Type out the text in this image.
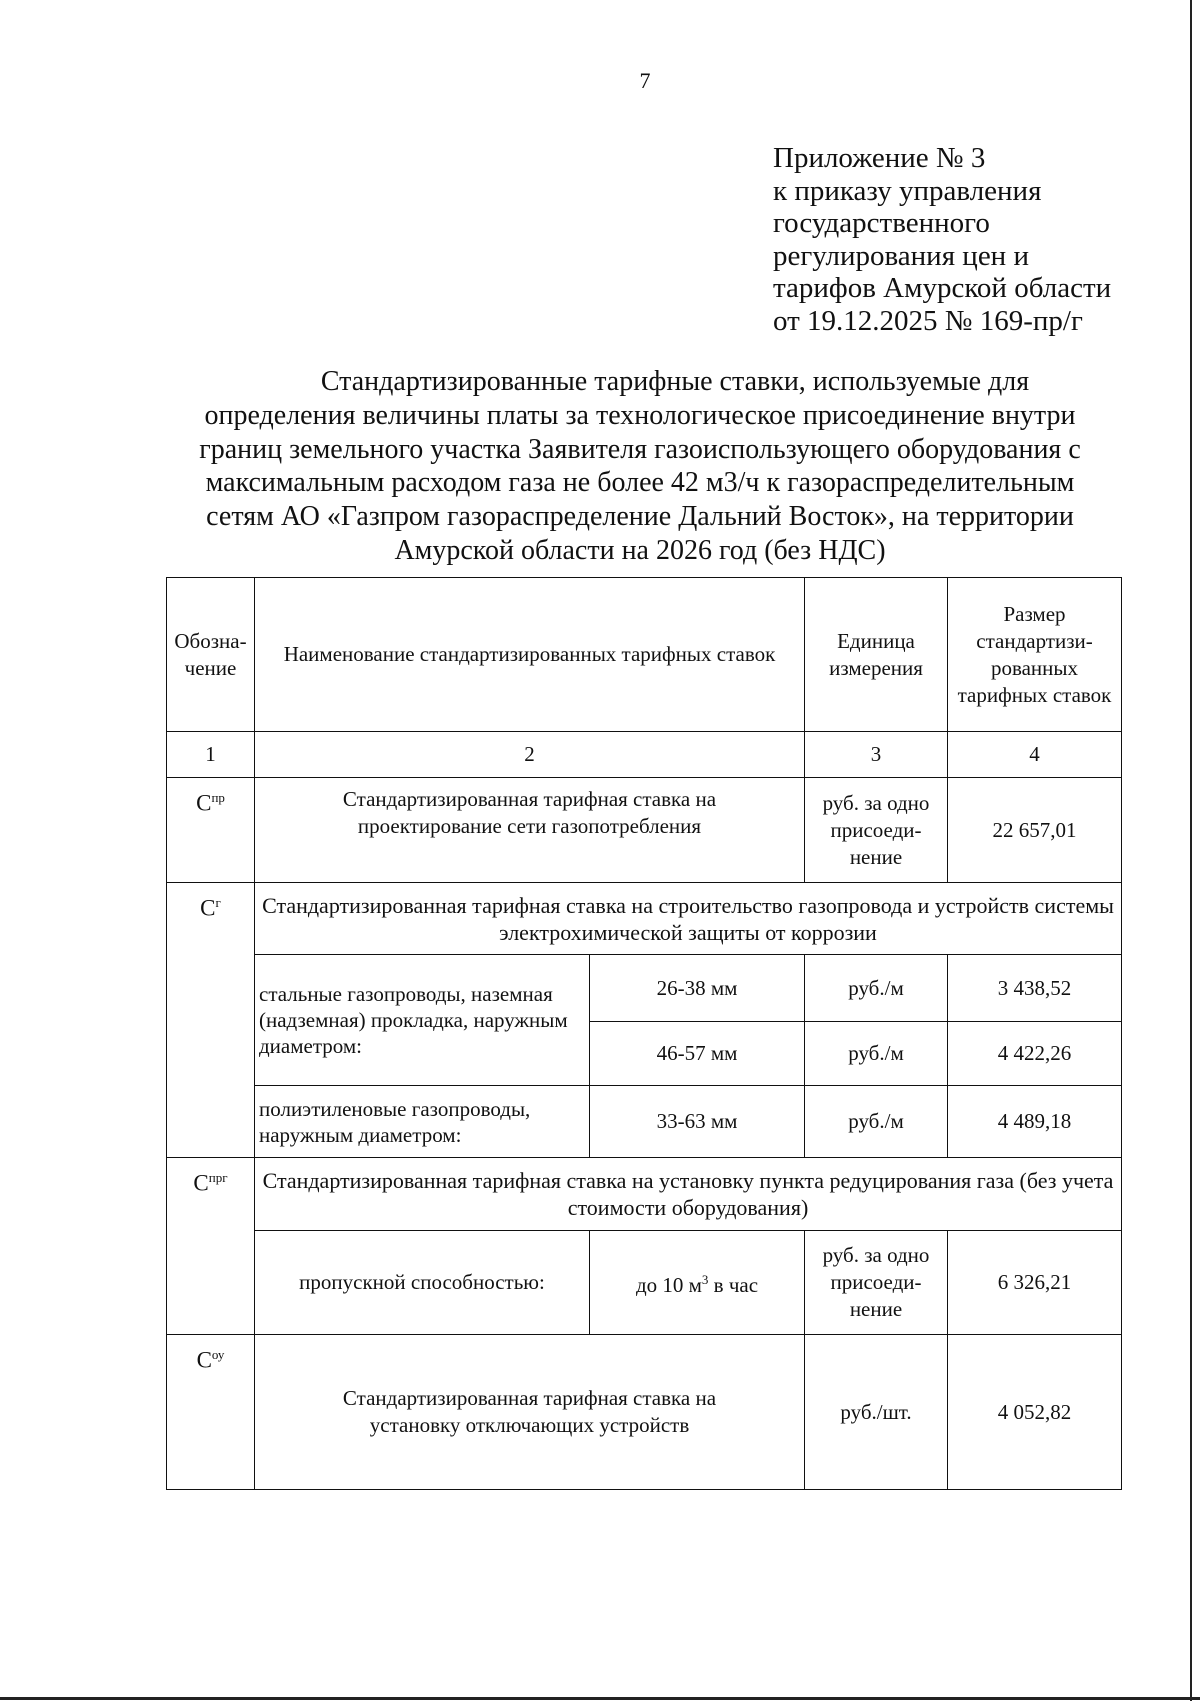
7
Приложение № 3
к приказу управления
государственного
регулирования цен и
тарифов Амурской области
от 19.12.2025 № 169-пр/г
Стандартизированные тарифные ставки, используемые для
определения величины платы за технологическое присоединение внутри
границ земельного участка Заявителя газоиспользующего оборудования с
максимальным расходом газа не более 42 м3/ч к газораспределительным
сетям АО «Газпром газораспределение Дальний Восток», на территории
Амурской области на 2026 год (без НДС)
Обозна-чение	Наименование стандартизированных тарифных ставок		Единица измерения	Размер стандартизи-рованных тарифных ставок
1	2		3	4
$С^{пр}$	Стандартизированная тарифная ставка на проектирование сети газопотребления		руб. за одно присоеди-нение	22 657,01
$С^г$	Стандартизированная тарифная ставка на строительство газопровода и устройств системы электрохимической защиты от коррозии			
	стальные газопроводы, наземная (надземная) прокладка, наружным диаметром:	26-38 мм	руб./м	3 438,52
		46-57 мм	руб./м	4 422,26
	полиэтиленовые газопроводы, наружным диаметром:	33-63 мм	руб./м	4 489,18
$С^{прг}$	Стандартизированная тарифная ставка на установку пункта редуцирования газа (без учета стоимости оборудования)			
	пропускной способностью:	до 10 $м^3$ в час	руб. за одно присоеди-нение	6 326,21
$С^{оу}$	Стандартизированная тарифная ставка на установку отключающих устройств		руб./шт.	4 052,82
